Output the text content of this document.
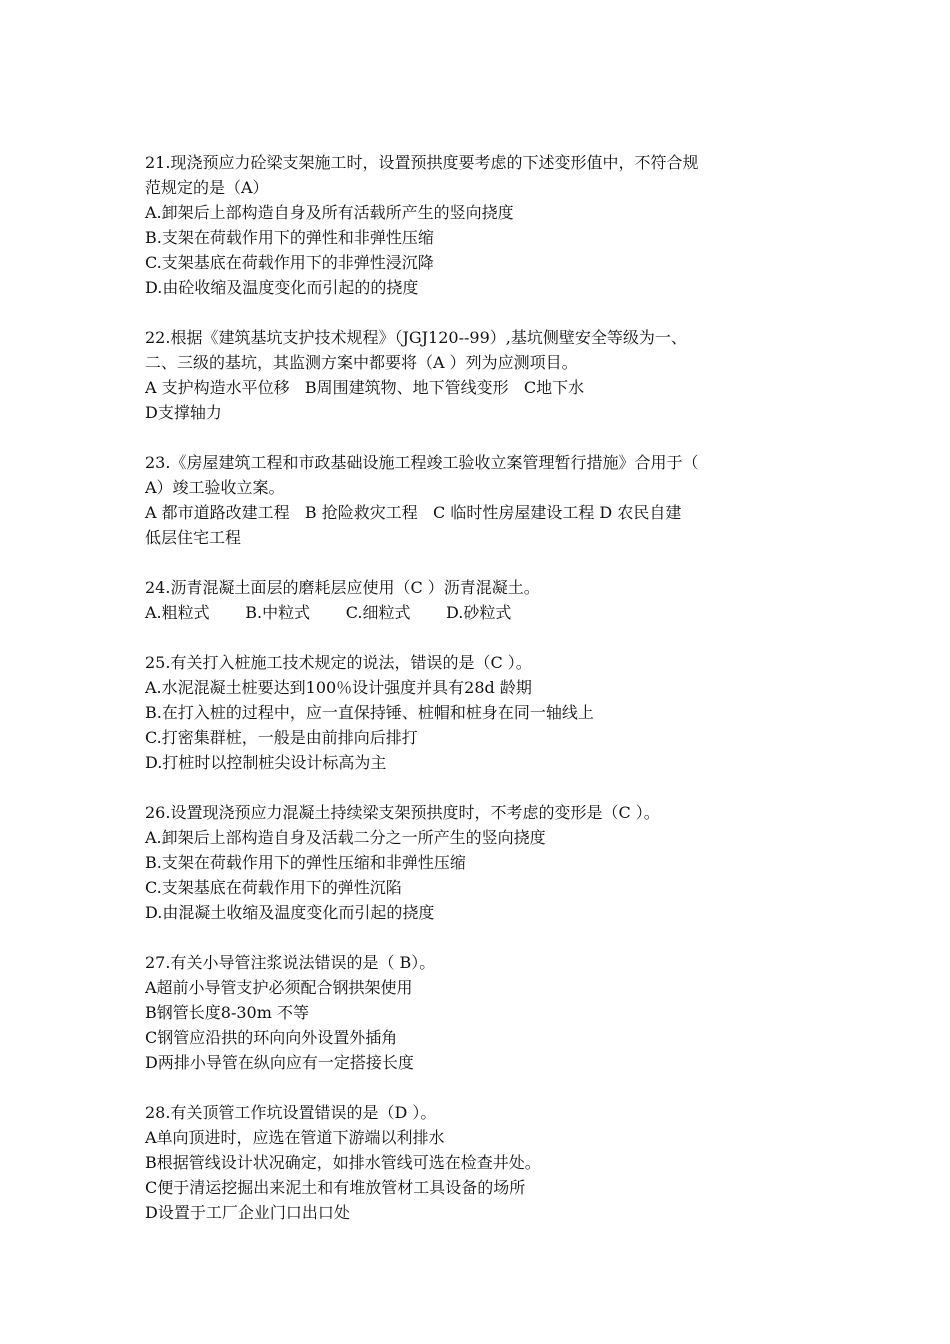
21.现浇预应力砼梁支架施工时，设置预拱度要考虑的下述变形值中，不符合规
范规定的是（A）
A.卸架后上部构造自身及所有活载所产生的竖向挠度
B.支架在荷载作用下的弹性和非弹性压缩
C.支架基底在荷载作用下的非弹性浸沉降
D.由砼收缩及温度变化而引起的的挠度
22.根据《建筑基坑支护技术规程》（JGJ120--99）,基坑侧壁安全等级为一、
二、三级的基坑，其监测方案中都要将（A ）列为应测项目。
A 支护构造水平位移   B周围建筑物、地下管线变形   C地下水
D支撑轴力
23.《房屋建筑工程和市政基础设施工程竣工验收立案管理暂行措施》合用于（
A）竣工验收立案。
A 都市道路改建工程   B 抢险救灾工程   C 临时性房屋建设工程 D 农民自建
低层住宅工程
24.沥青混凝土面层的磨耗层应使用（C ）沥青混凝土。
A.粗粒式       B.中粒式       C.细粒式       D.砂粒式
25.有关打入桩施工技术规定的说法，错误的是（C ）。
A.水泥混凝土桩要达到100％设计强度并具有28d 龄期
B.在打入桩的过程中，应一直保持锤、桩帽和桩身在同一轴线上
C.打密集群桩，一般是由前排向后排打
D.打桩时以控制桩尖设计标高为主
26.设置现浇预应力混凝土持续梁支架预拱度时，不考虑的变形是（C ）。
A.卸架后上部构造自身及活载二分之一所产生的竖向挠度
B.支架在荷载作用下的弹性压缩和非弹性压缩
C.支架基底在荷载作用下的弹性沉陷
D.由混凝土收缩及温度变化而引起的挠度
27.有关小导管注浆说法错误的是（ B）。
A超前小导管支护必须配合钢拱架使用
B钢管长度8-30m 不等
C钢管应沿拱的环向向外设置外插角
D两排小导管在纵向应有一定搭接长度
28.有关顶管工作坑设置错误的是（D ）。
A单向顶进时，应选在管道下游端以利排水
B根据管线设计状况确定，如排水管线可选在检查井处。
C便于清运挖掘出来泥土和有堆放管材工具设备的场所
D设置于工厂企业门口出口处
